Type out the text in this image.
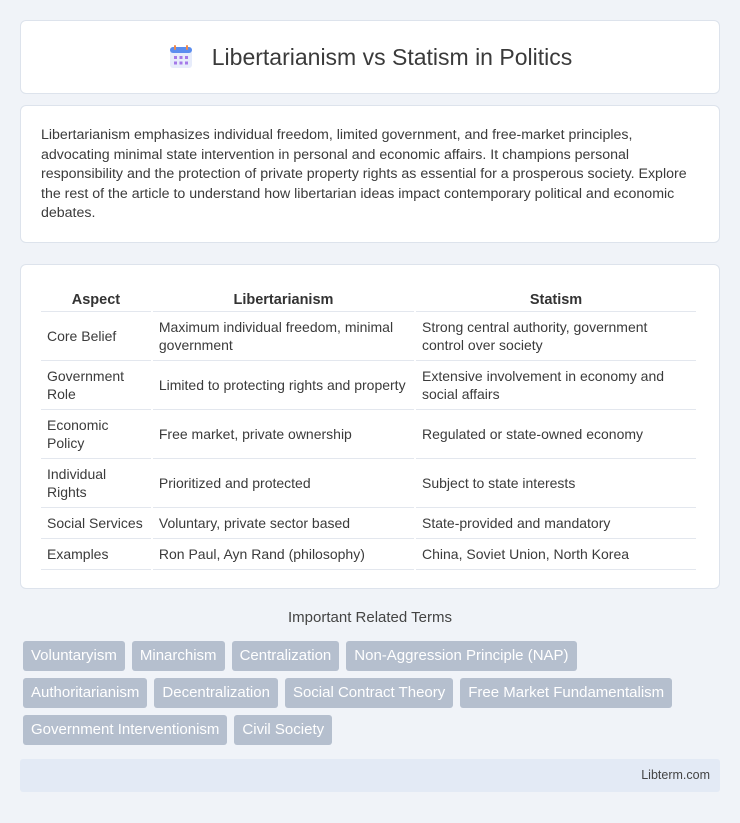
Libertarianism vs Statism in Politics

Libertarianism emphasizes individual freedom, limited government, and free-market principles, advocating minimal state intervention in personal and economic affairs. It champions personal responsibility and the protection of private property rights as essential for a prosperous society. Explore the rest of the article to understand how libertarian ideas impact contemporary political and economic debates.

Aspect	Libertarianism	Statism
Core Belief	Maximum individual freedom, minimal government	Strong central authority, government control over society
Government Role	Limited to protecting rights and property	Extensive involvement in economy and social affairs
Economic Policy	Free market, private ownership	Regulated or state-owned economy
Individual Rights	Prioritized and protected	Subject to state interests
Social Services	Voluntary, private sector based	State-provided and mandatory
Examples	Ron Paul, Ayn Rand (philosophy)	China, Soviet Union, North Korea
Important Related Terms
Voluntaryism	Minarchism	Centralization	Non-Aggression Principle (NAP)
Authoritarianism	Decentralization	Social Contract Theory	Free Market Fundamentalism
Government Interventionism	Civil Society
Libterm.com
